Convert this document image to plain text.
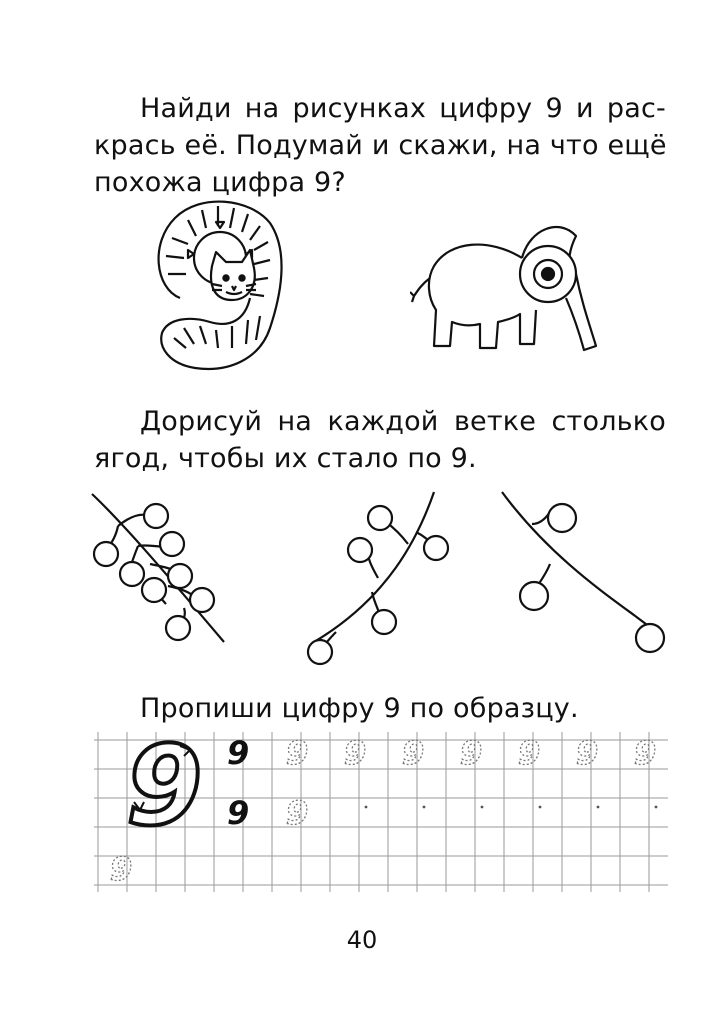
Найди на рисунках цифру 9 и рас-
крась её. Подумай и скажи, на что ещё
похожа цифра 9?
Дорисуй на каждой ветке столько
ягод, чтобы их стало по 9.
Пропиши цифру 9 по образцу.
9 9 9 9 9 9 9 9 9
9 9
9
40
